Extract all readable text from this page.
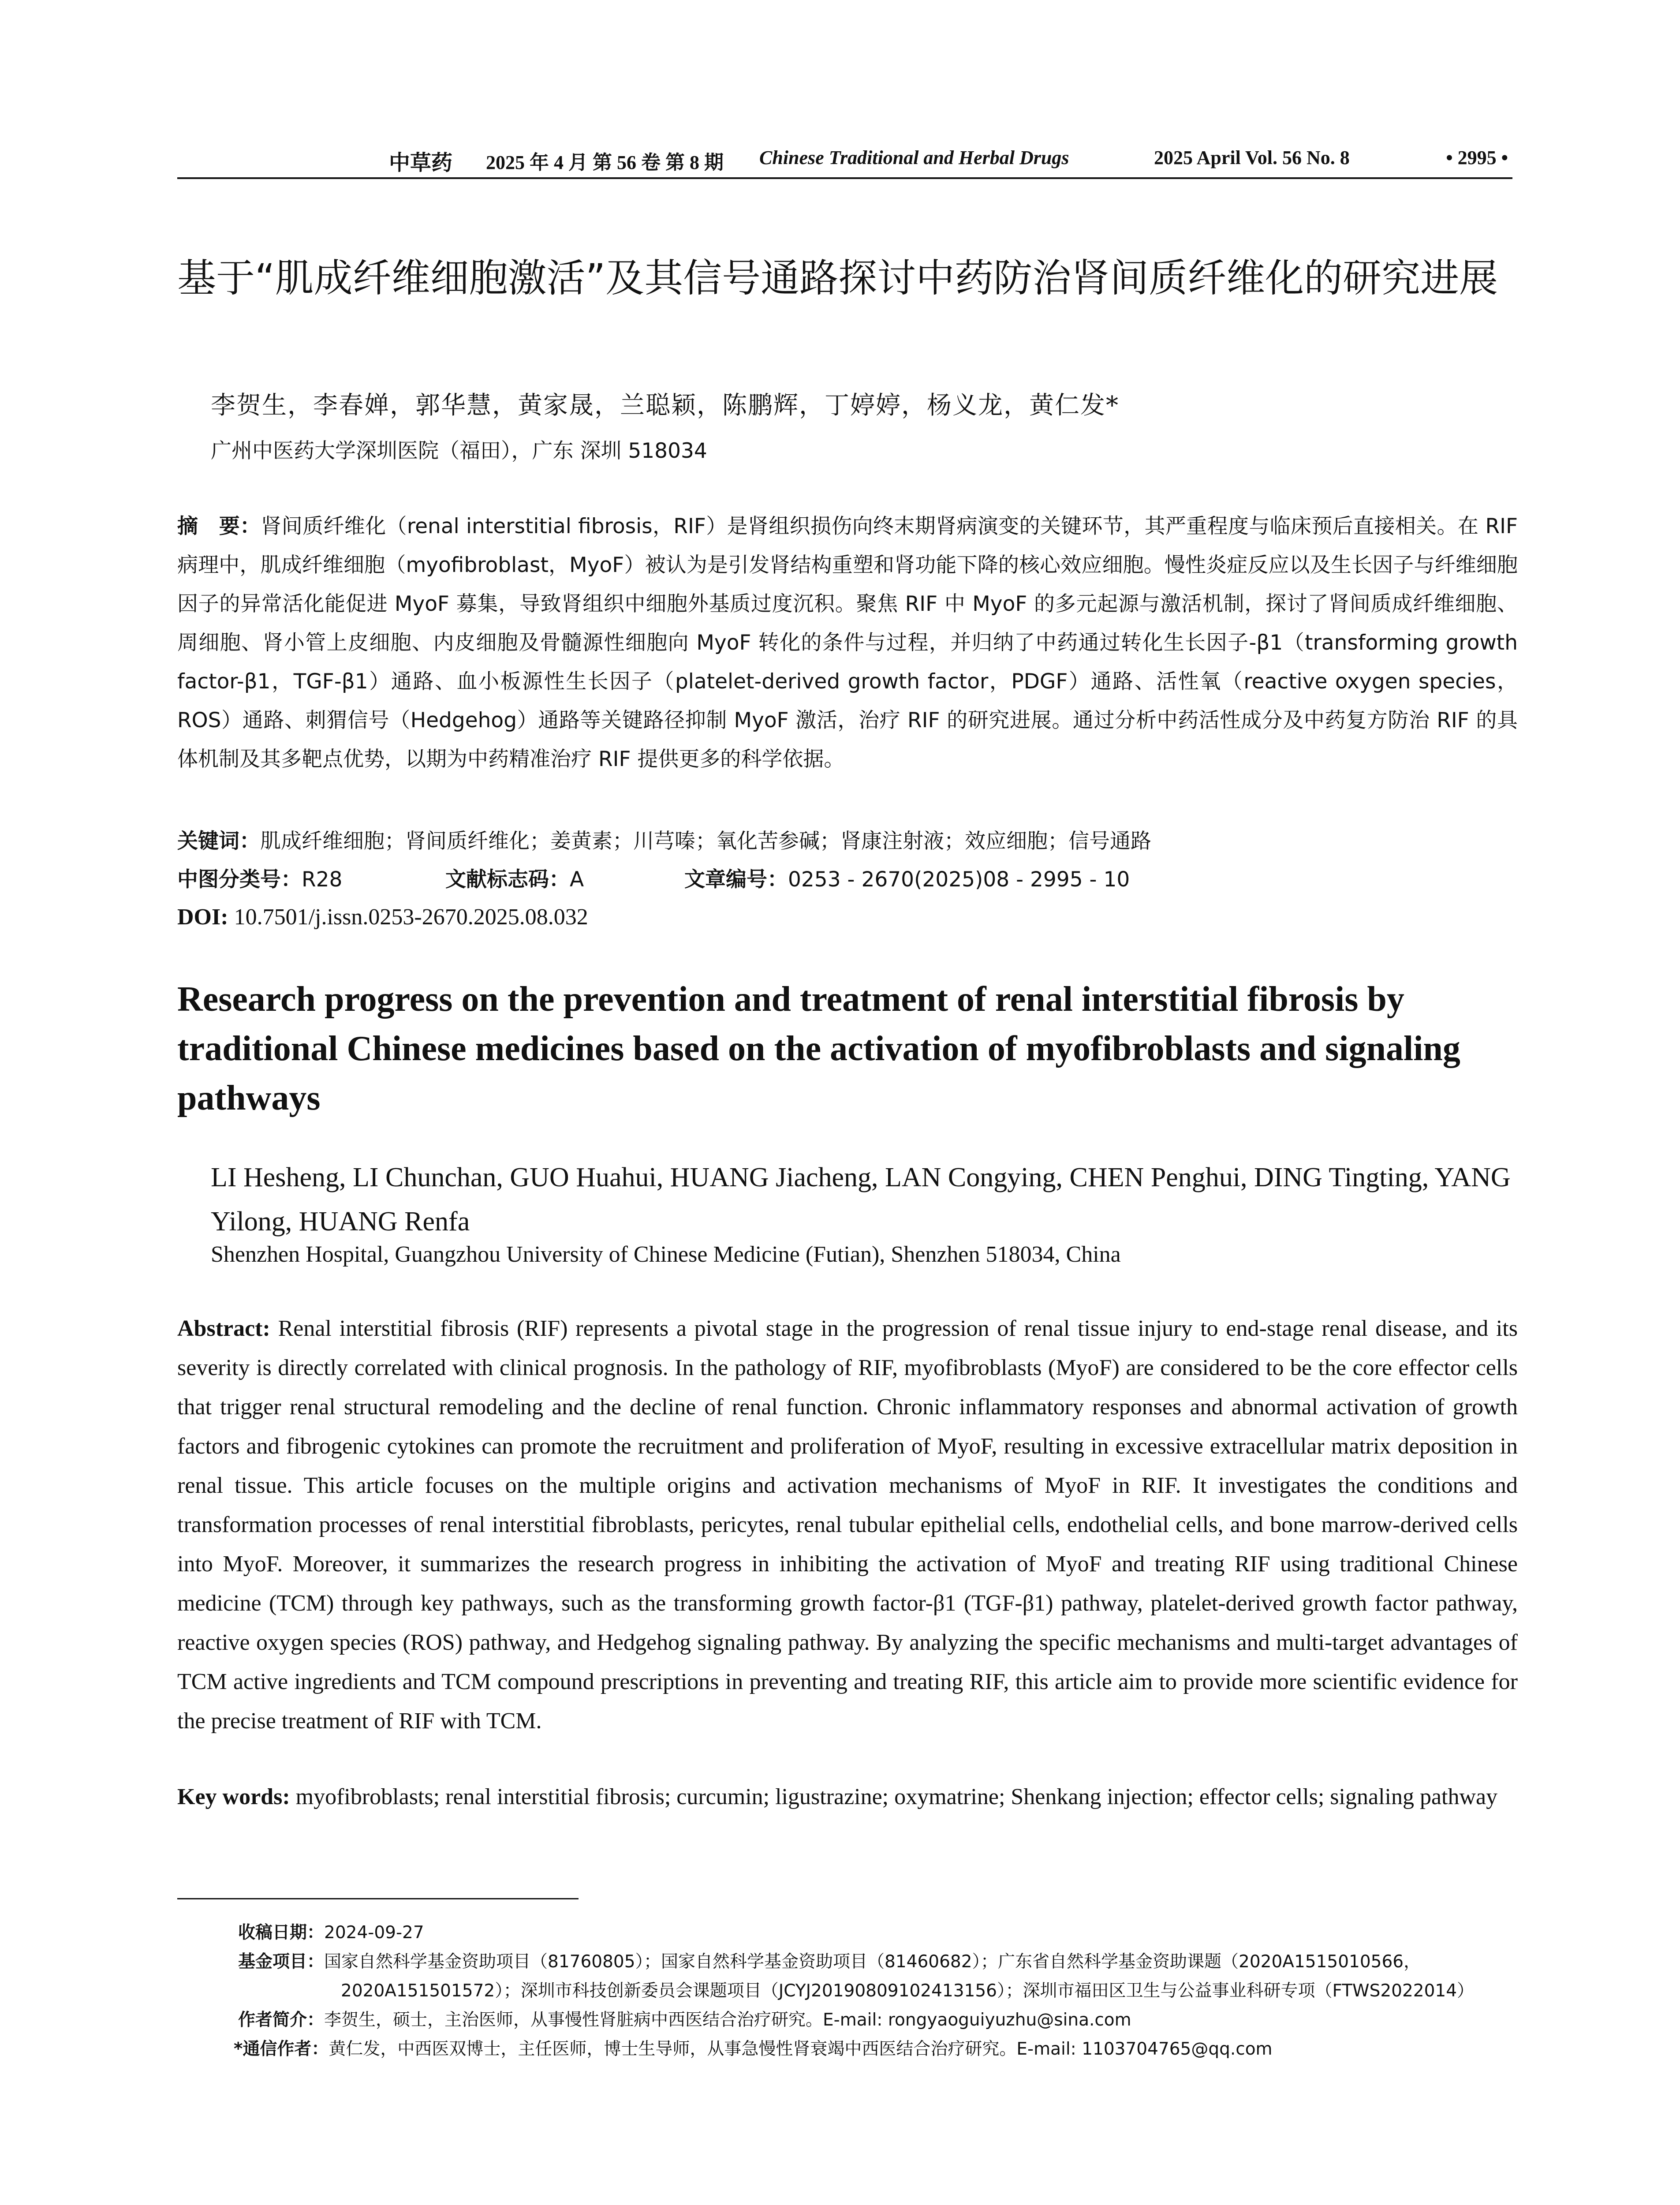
中草药 2025 年 4 月 第 56 卷 第 8 期 Chinese Traditional and Herbal Drugs	2025 April Vol. 56 No. 8	• 2995 •
基于“肌成纤维细胞激活”及其信号通路探讨中药防治肾间质纤维化的研究进展
李贺生，李春婵，郭华慧，黄家晟，兰聪颖，陈鹏辉，丁婷婷，杨义龙，黄仁发*
广州中医药大学深圳医院（福田），广东 深圳 518034
摘　要：肾间质纤维化（renal interstitial fibrosis，RIF）是肾组织损伤向终末期肾病演变的关键环节，其严重程度与临床预后直接相关。在 RIF 病理中，肌成纤维细胞（myofibroblast，MyoF）被认为是引发肾结构重塑和肾功能下降的核心效应细胞。慢性炎症反应以及生长因子与纤维细胞因子的异常活化能促进 MyoF 募集，导致肾组织中细胞外基质过度沉积。聚焦 RIF 中 MyoF 的多元起源与激活机制，探讨了肾间质成纤维细胞、周细胞、肾小管上皮细胞、内皮细胞及骨髓源性细胞向 MyoF 转化的条件与过程，并归纳了中药通过转化生长因子-β1（transforming growth factor-β1，TGF-β1）通路、血小板源性生长因子（platelet-derived growth factor，PDGF）通路、活性氧（reactive oxygen species，ROS）通路、刺猬信号（Hedgehog）通路等关键路径抑制 MyoF 激活，治疗 RIF 的研究进展。通过分析中药活性成分及中药复方防治 RIF 的具体机制及其多靶点优势，以期为中药精准治疗 RIF 提供更多的科学依据。
关键词：肌成纤维细胞；肾间质纤维化；姜黄素；川芎嗪；氧化苦参碱；肾康注射液；效应细胞；信号通路
中图分类号：R28	文献标志码：A	文章编号：0253 - 2670(2025)08 - 2995 - 10
DOI: 10.7501/j.issn.0253-2670.2025.08.032
Research progress on the prevention and treatment of renal interstitial fibrosis by traditional Chinese medicines based on the activation of myofibroblasts and signaling pathways
LI Hesheng, LI Chunchan, GUO Huahui, HUANG Jiacheng, LAN Congying, CHEN Penghui, DING Tingting, YANG Yilong, HUANG Renfa
Shenzhen Hospital, Guangzhou University of Chinese Medicine (Futian), Shenzhen 518034, China
Abstract: Renal interstitial fibrosis (RIF) represents a pivotal stage in the progression of renal tissue injury to end-stage renal disease, and its severity is directly correlated with clinical prognosis. In the pathology of RIF, myofibroblasts (MyoF) are considered to be the core effector cells that trigger renal structural remodeling and the decline of renal function. Chronic inflammatory responses and abnormal activation of growth factors and fibrogenic cytokines can promote the recruitment and proliferation of MyoF, resulting in excessive extracellular matrix deposition in renal tissue. This article focuses on the multiple origins and activation mechanisms of MyoF in RIF. It investigates the conditions and transformation processes of renal interstitial fibroblasts, pericytes, renal tubular epithelial cells, endothelial cells, and bone marrow-derived cells into MyoF. Moreover, it summarizes the research progress in inhibiting the activation of MyoF and treating RIF using traditional Chinese medicine (TCM) through key pathways, such as the transforming growth factor-β1 (TGF-β1) pathway, platelet-derived growth factor pathway, reactive oxygen species (ROS) pathway, and Hedgehog signaling pathway. By analyzing the specific mechanisms and multi-target advantages of TCM active ingredients and TCM compound prescriptions in preventing and treating RIF, this article aim to provide more scientific evidence for the precise treatment of RIF with TCM.
Key words: myofibroblasts; renal interstitial fibrosis; curcumin; ligustrazine; oxymatrine; Shenkang injection; effector cells; signaling pathway
收稿日期：2024-09-27
基金项目：国家自然科学基金资助项目（81760805）；国家自然科学基金资助项目（81460682）；广东省自然科学基金资助课题（2020A1515010566，
2020A151501572）；深圳市科技创新委员会课题项目（JCYJ20190809102413156）；深圳市福田区卫生与公益事业科研专项（FTWS2022014）
作者简介：李贺生，硕士，主治医师，从事慢性肾脏病中西医结合治疗研究。E-mail: rongyaoguiyuzhu@sina.com
*通信作者：黄仁发，中西医双博士，主任医师，博士生导师，从事急慢性肾衰竭中西医结合治疗研究。E-mail: 1103704765@qq.com
